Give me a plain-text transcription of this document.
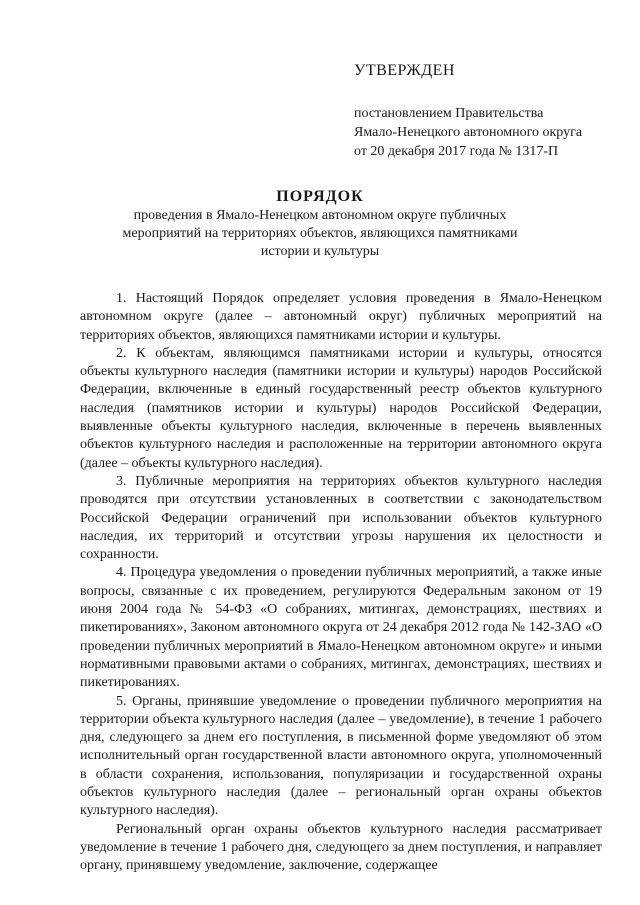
УТВЕРЖДЕН
постановлением Правительства
Ямало-Ненецкого автономного округа
от 20 декабря 2017 года № 1317-П
ПОРЯДОК
проведения в Ямало-Ненецком автономном округе публичных мероприятий на территориях объектов, являющихся памятниками истории и культуры

1. Настоящий Порядок определяет условия проведения в Ямало-Ненецком автономном округе (далее – автономный округ) публичных мероприятий на территориях объектов, являющихся памятниками истории и культуры.

2. К объектам, являющимся памятниками истории и культуры, относятся объекты культурного наследия (памятники истории и культуры) народов Российской Федерации, включенные в единый государственный реестр объектов культурного наследия (памятников истории и культуры) народов Российской Федерации, выявленные объекты культурного наследия, включенные в перечень выявленных объектов культурного наследия и расположенные на территории автономного округа (далее – объекты культурного наследия).

3. Публичные мероприятия на территориях объектов культурного наследия проводятся при отсутствии установленных в соответствии с законодательством Российской Федерации ограничений при использовании объектов культурного наследия, их территорий и отсутствии угрозы нарушения их целостности и сохранности.

4. Процедура уведомления о проведении публичных мероприятий, а также иные вопросы, связанные с их проведением, регулируются Федеральным законом от 19 июня 2004 года № 54-ФЗ «О собраниях, митингах, демонстрациях, шествиях и пикетированиях», Законом автономного округа от 24 декабря 2012 года № 142-ЗАО «О проведении публичных мероприятий в Ямало-Ненецком автономном округе» и иными нормативными правовыми актами о собраниях, митингах, демонстрациях, шествиях и пикетированиях.

5. Органы, принявшие уведомление о проведении публичного мероприятия на территории объекта культурного наследия (далее – уведомление), в течение 1 рабочего дня, следующего за днем его поступления, в письменной форме уведомляют об этом исполнительный орган государственной власти автономного округа, уполномоченный в области сохранения, использования, популяризации и государственной охраны объектов культурного наследия (далее – региональный орган охраны объектов культурного наследия).

Региональный орган охраны объектов культурного наследия рассматривает уведомление в течение 1 рабочего дня, следующего за днем поступления, и направляет органу, принявшему уведомление, заключение, содержащее
